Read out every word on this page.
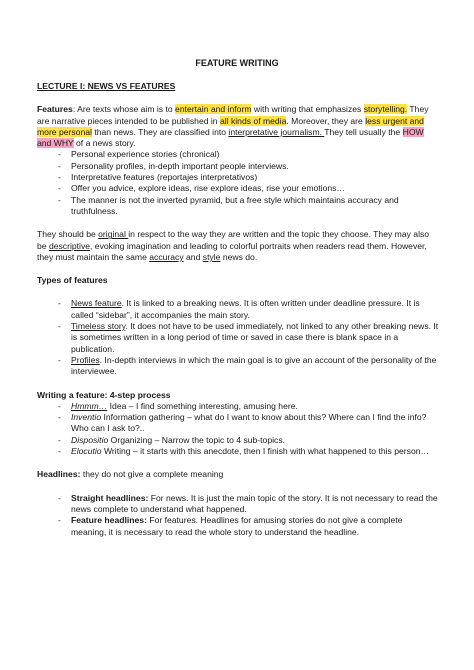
FEATURE WRITING

LECTURE I: NEWS VS FEATURES

Features: Are texts whose aim is to entertain and inform with writing that emphasizes storytelling. They are narrative pieces intended to be published in all kinds of media. Moreover, they are less urgent and more personal than news. They are classified into interpretative journalism. They tell usually the HOW and WHY of a news story.

- Personal experience stories (chronical)
- Personality profiles, in-depth important people interviews.
- Interpretative features (reportajes interpretativos)
- Offer you advice, explore ideas, rise explore ideas, rise your emotions…
- The manner is not the inverted pyramid, but a free style which maintains accuracy and truthfulness.

They should be original in respect to the way they are written and the topic they choose. They may also be descriptive, evoking imagination and leading to colorful portraits when readers read them. However, they must maintain the same accuracy and style news do.

Types of features

- News feature. It is linked to a breaking news. It is often written under deadline pressure. It is called “sidebar”, it accompanies the main story.
- Timeless story. It does not have to be used immediately, not linked to any other breaking news. It is sometimes written in a long period of time or saved in case there is blank space in a publication.
- Profiles. In-depth interviews in which the main goal is to give an account of the personality of the interviewee.

Writing a feature: 4-step process

- Hmmm… Idea – I find something interesting, amusing here.
- Inventio Information gathering – what do I want to know about this? Where can I find the info? Who can I ask to?..
- Dispositio Organizing – Narrow the topic to 4 sub-topics.
- Elocutio Writing – it starts with this anecdote, then I finish with what happened to this person…

Headlines: they do not give a complete meaning

- Straight headlines: For news. It is just the main topic of the story. It is not necessary to read the news complete to understand what happened.
- Feature headlines: For features. Headlines for amusing stories do not give a complete meaning, it is necessary to read the whole story to understand the headline.
